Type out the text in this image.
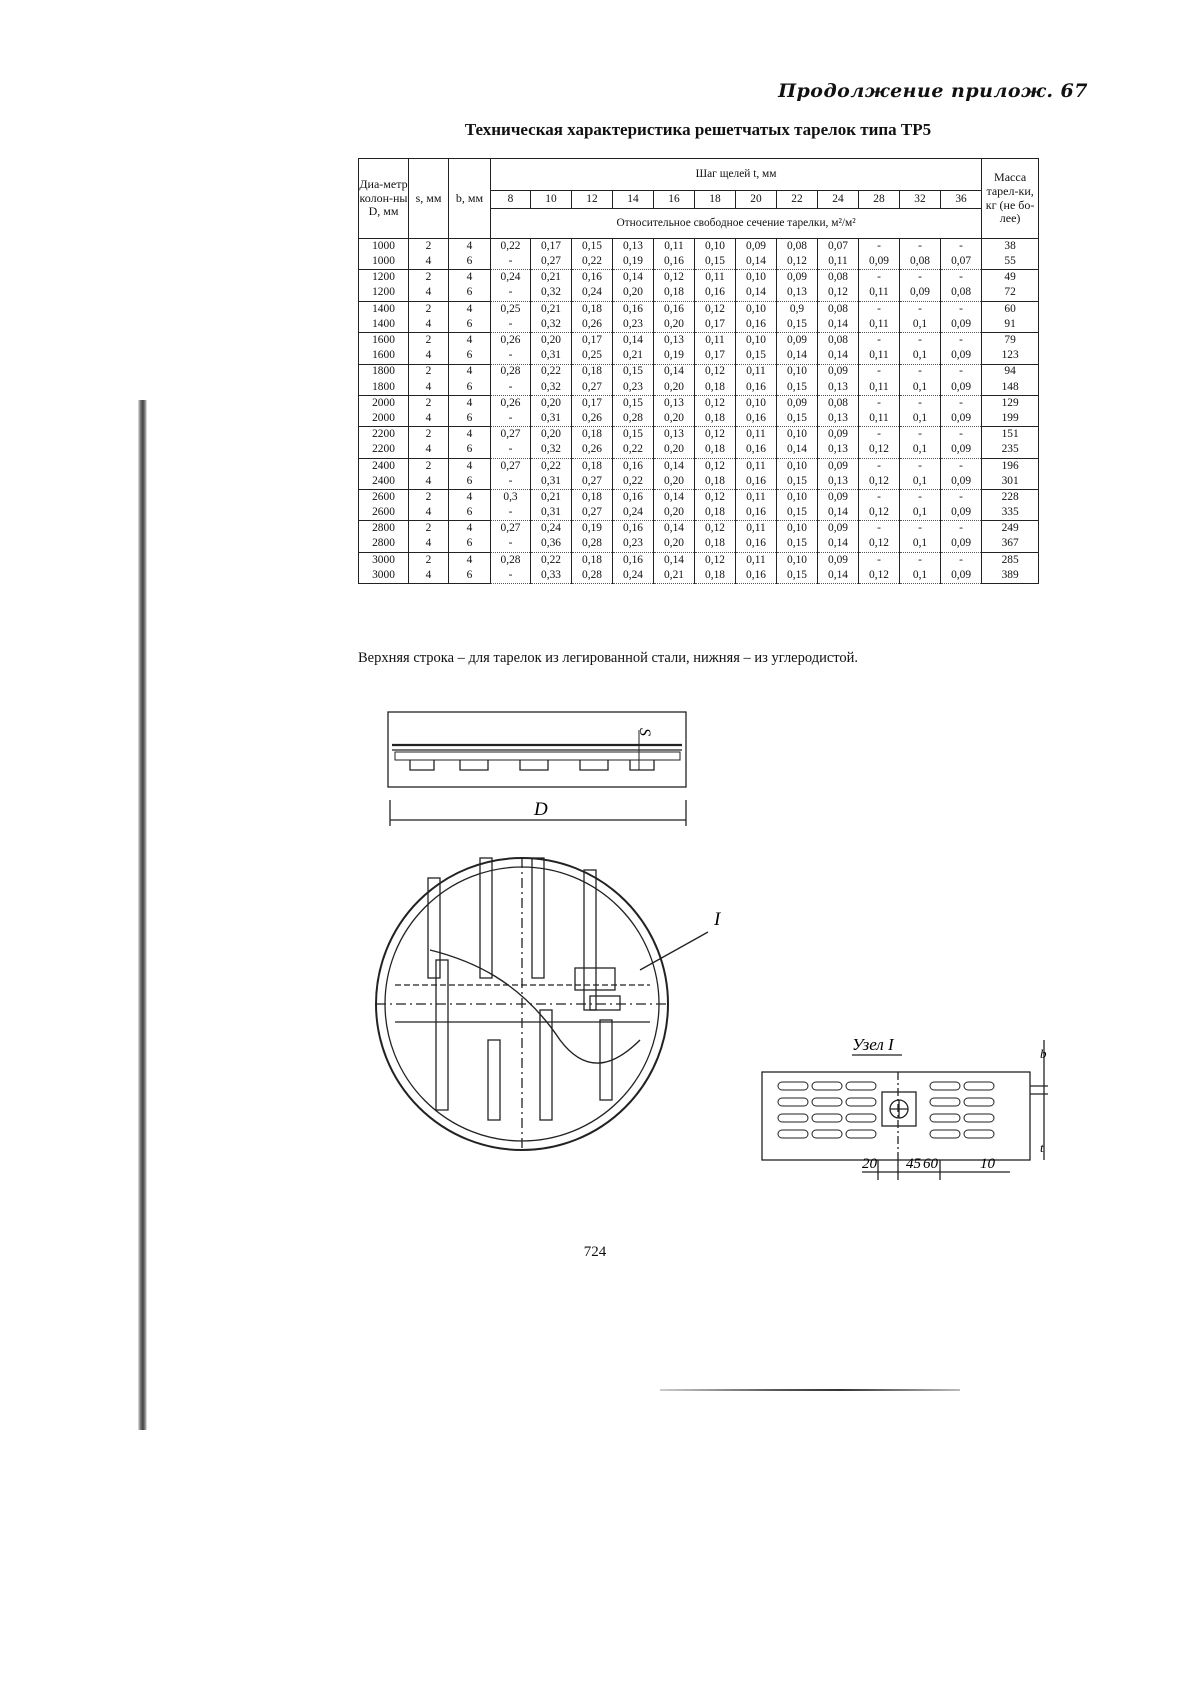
Продолжение прилож. 67
Техническая характеристика решетчатых тарелок типа ТР5
Диа-метр колон-ны D, мм	s, мм	b, мм	Шаг щелей t, мм												Масса тарел-ки, кг (не бо-лее)
			8	10	12	14	16	18	20	22	24	28	32	36	
			Относительное свободное сечение тарелки, м²/м²												
1000	2	4	0,22	0,17	0,15	0,13	0,11	0,10	0,09	0,08	0,07	-	-	-	38
1000	4	6	-	0,27	0,22	0,19	0,16	0,15	0,14	0,12	0,11	0,09	0,08	0,07	55
1200	2	4	0,24	0,21	0,16	0,14	0,12	0,11	0,10	0,09	0,08	-	-	-	49
1200	4	6	-	0,32	0,24	0,20	0,18	0,16	0,14	0,13	0,12	0,11	0,09	0,08	72
1400	2	4	0,25	0,21	0,18	0,16	0,16	0,12	0,10	0,9	0,08	-	-	-	60
1400	4	6	-	0,32	0,26	0,23	0,20	0,17	0,16	0,15	0,14	0,11	0,1	0,09	91
1600	2	4	0,26	0,20	0,17	0,14	0,13	0,11	0,10	0,09	0,08	-	-	-	79
1600	4	6	-	0,31	0,25	0,21	0,19	0,17	0,15	0,14	0,14	0,11	0,1	0,09	123
1800	2	4	0,28	0,22	0,18	0,15	0,14	0,12	0,11	0,10	0,09	-	-	-	94
1800	4	6	-	0,32	0,27	0,23	0,20	0,18	0,16	0,15	0,13	0,11	0,1	0,09	148
2000	2	4	0,26	0,20	0,17	0,15	0,13	0,12	0,10	0,09	0,08	-	-	-	129
2000	4	6	-	0,31	0,26	0,28	0,20	0,18	0,16	0,15	0,13	0,11	0,1	0,09	199
2200	2	4	0,27	0,20	0,18	0,15	0,13	0,12	0,11	0,10	0,09	-	-	-	151
2200	4	6	-	0,32	0,26	0,22	0,20	0,18	0,16	0,14	0,13	0,12	0,1	0,09	235
2400	2	4	0,27	0,22	0,18	0,16	0,14	0,12	0,11	0,10	0,09	-	-	-	196
2400	4	6	-	0,31	0,27	0,22	0,20	0,18	0,16	0,15	0,13	0,12	0,1	0,09	301
2600	2	4	0,3	0,21	0,18	0,16	0,14	0,12	0,11	0,10	0,09	-	-	-	228
2600	4	6	-	0,31	0,27	0,24	0,20	0,18	0,16	0,15	0,14	0,12	0,1	0,09	335
2800	2	4	0,27	0,24	0,19	0,16	0,14	0,12	0,11	0,10	0,09	-	-	-	249
2800	4	6	-	0,36	0,28	0,23	0,20	0,18	0,16	0,15	0,14	0,12	0,1	0,09	367
3000	2	4	0,28	0,22	0,18	0,16	0,14	0,12	0,11	0,10	0,09	-	-	-	285
3000	4	6	-	0,33	0,28	0,24	0,21	0,18	0,16	0,15	0,14	0,12	0,1	0,09	389
Верхняя строка – для тарелок из легированной стали, нижняя – из углеродистой.
S
D
I
Узел I	b
t
20 45 60	10
724
